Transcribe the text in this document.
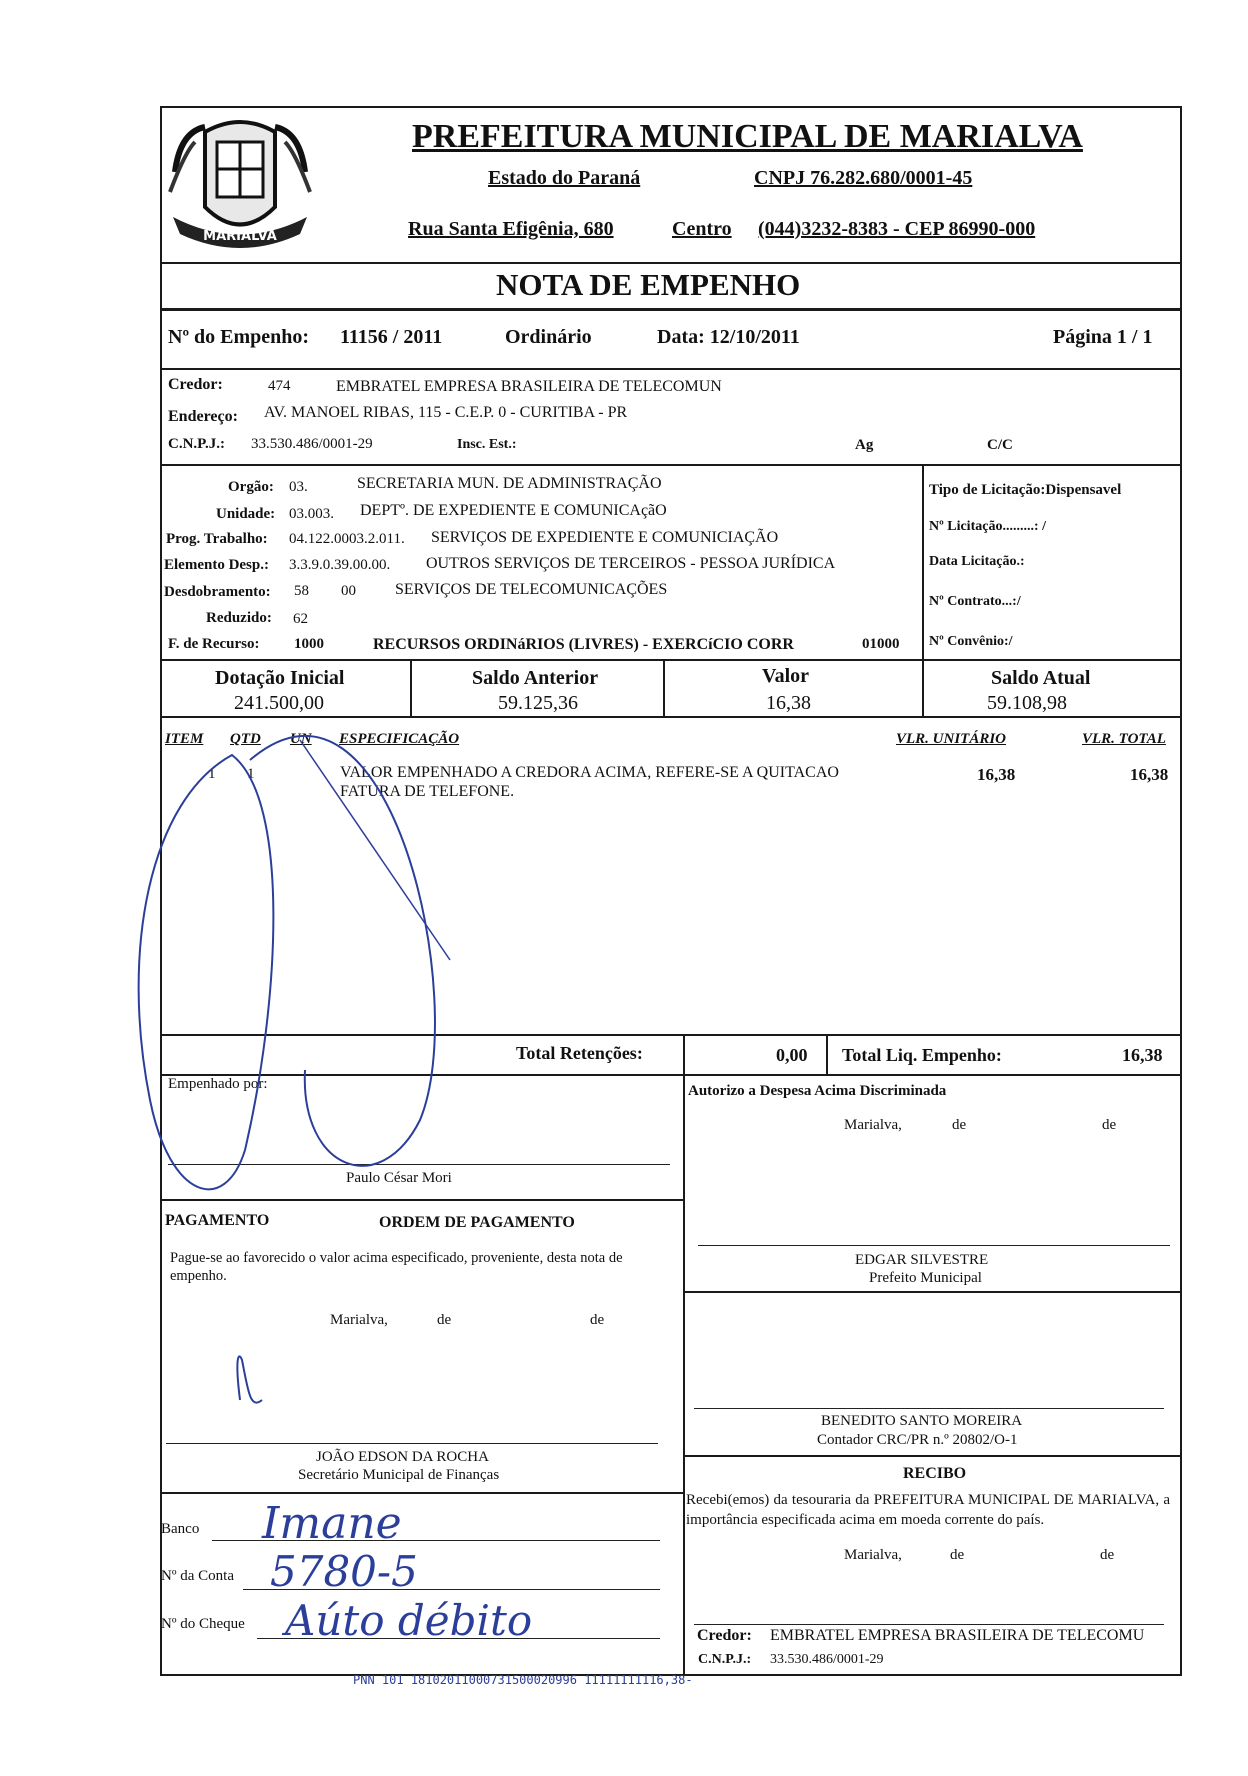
MARIALVA
PREFEITURA MUNICIPAL DE MARIALVA
Estado do Paraná	CNPJ 76.282.680/0001-45
Rua Santa Efigênia, 680	Centro (044)3232-8383 - CEP 86990-000
NOTA DE EMPENHO
Nº do Empenho: 11156 / 2011	Ordinário	Data: 12/10/2011	Página 1 / 1
Credor:	474	EMBRATEL EMPRESA BRASILEIRA DE TELECOMUN
Endereço: AV. MANOEL RIBAS, 115 - C.E.P. 0 - CURITIBA - PR
C.N.P.J.: 33.530.486/0001-29	Insc. Est.:	Ag	C/C
Orgão: 03.	SECRETARIA MUN. DE ADMINISTRAÇÃO
Unidade: 03.003. DEPTº. DE EXPEDIENTE E COMUNICAçãO
Prog. Trabalho: 04.122.0003.2.011. SERVIÇOS DE EXPEDIENTE E COMUNICIAÇÃO
Elemento Desp.: 3.3.9.0.39.00.00. OUTROS SERVIÇOS DE TERCEIROS - PESSOA JURÍDICA
Desdobramento: 58 00 SERVIÇOS DE TELECOMUNICAÇÕES
Reduzido: 62
F. de Recurso: 1000	RECURSOS ORDINáRIOS (LIVRES) - EXERCíCIO CORR	01000
Tipo de Licitação:Dispensavel
Nº Licitação.........: /
Data Licitação.:
Nº Contrato...:/
Nº Convênio:/
Dotação Inicial
241.500,00
Saldo Anterior
59.125,36
Valor
16,38
Saldo Atual
59.108,98
ITEM QTD UN ESPECIFICAÇÃO	VLR. UNITÁRIO	VLR. TOTAL
1 1	VALOR EMPENHADO A CREDORA ACIMA, REFERE-SE A QUITACAO
FATURA DE TELEFONE.
16,38	16,38
Total Retenções:	0,00 Total Liq. Empenho:	16,38
Empenhado por:
Paulo César Mori
Autorizo a Despesa Acima Discriminada
Marialva,	de	de
EDGAR SILVESTRE
Prefeito Municipal
PAGAMENTO	ORDEM DE PAGAMENTO
Pague-se ao favorecido o valor acima especificado, proveniente, desta nota de empenho.
Marialva,	de	de
JOÃO EDSON DA ROCHA
Secretário Municipal de Finanças
BENEDITO SANTO MOREIRA
Contador CRC/PR n.º 20802/O-1
RECIBO
Recebi(emos) da tesouraria da PREFEITURA MUNICIPAL DE MARIALVA, a importância especificada acima em moeda corrente do país.
Marialva,	de	de
Credor: EMBRATEL EMPRESA BRASILEIRA DE TELECOMU
C.N.P.J.: 33.530.486/0001-29
Banco
Nº da Conta
Nº do Cheque
Imane
5780-5
Aúto débito
PNN 101 18102011000731500020996 11111111116,38-
